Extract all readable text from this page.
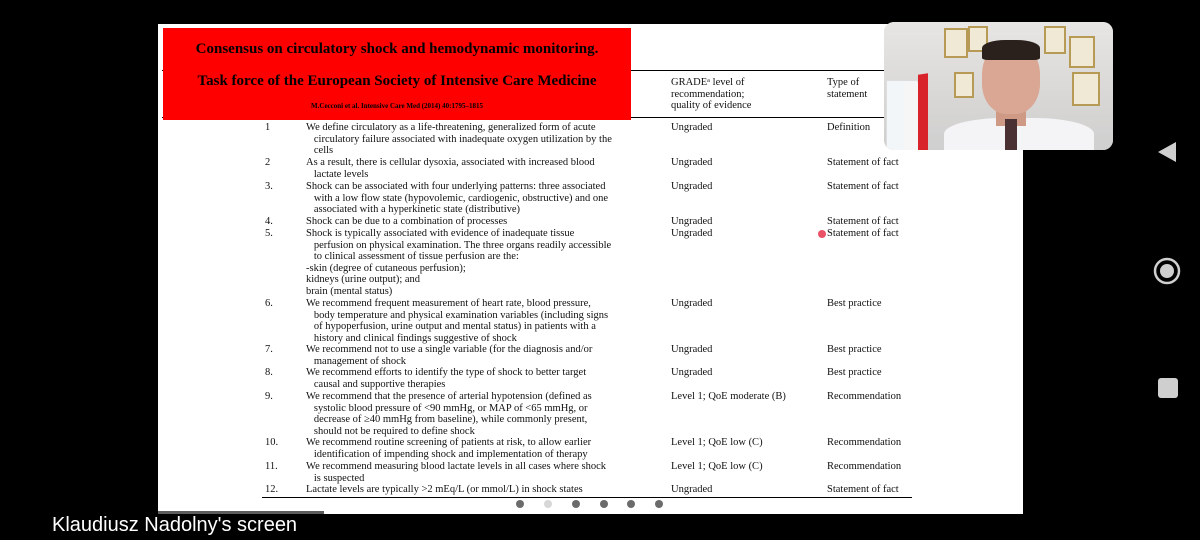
GRADEᵃ level of
recommendation;
quality of evidence
Type of
statement
Consensus on circulatory shock and hemodynamic monitoring.
Task force of the European Society of Intensive Care Medicine
M.Cecconi et al. Intensive Care Med (2014) 40:1795–1815
1	We define circulatory as a life-threatening, generalized form of acute
circulatory failure associated with inadequate oxygen utilization by the
cells
Ungraded	Definition
2	As a result, there is cellular dysoxia, associated with increased blood
lactate levels
Ungraded	Statement of fact
3.	Shock can be associated with four underlying patterns: three associated
with a low flow state (hypovolemic, cardiogenic, obstructive) and one
associated with a hyperkinetic state (distributive)
Ungraded	Statement of fact
4.	Shock can be due to a combination of processes	Ungraded	Statement of fact
5.	Shock is typically associated with evidence of inadequate tissue
perfusion on physical examination. The three organs readily accessible
to clinical assessment of tissue perfusion are the:
-skin (degree of cutaneous perfusion);
kidneys (urine output); and
brain (mental status)
Ungraded	Statement of fact
6.	We recommend frequent measurement of heart rate, blood pressure,
body temperature and physical examination variables (including signs
of hypoperfusion, urine output and mental status) in patients with a
history and clinical findings suggestive of shock
Ungraded	Best practice
7.	We recommend not to use a single variable (for the diagnosis and/or
management of shock
Ungraded	Best practice
8.	We recommend efforts to identify the type of shock to better target
causal and supportive therapies
Ungraded	Best practice
9.	We recommend that the presence of arterial hypotension (defined as
systolic blood pressure of <90 mmHg, or MAP of <65 mmHg, or
decrease of ≥40 mmHg from baseline), while commonly present,
should not be required to define shock
Level 1; QoE moderate (B)	Recommendation
10.	We recommend routine screening of patients at risk, to allow earlier
identification of impending shock and implementation of therapy
Level 1; QoE low (C)	Recommendation
11.	We recommend measuring blood lactate levels in all cases where shock
is suspected
Level 1; QoE low (C)	Recommendation
12.	Lactate levels are typically >2 mEq/L (or mmol/L) in shock states	Ungraded	Statement of fact
Klaudiusz Nadolny's screen
